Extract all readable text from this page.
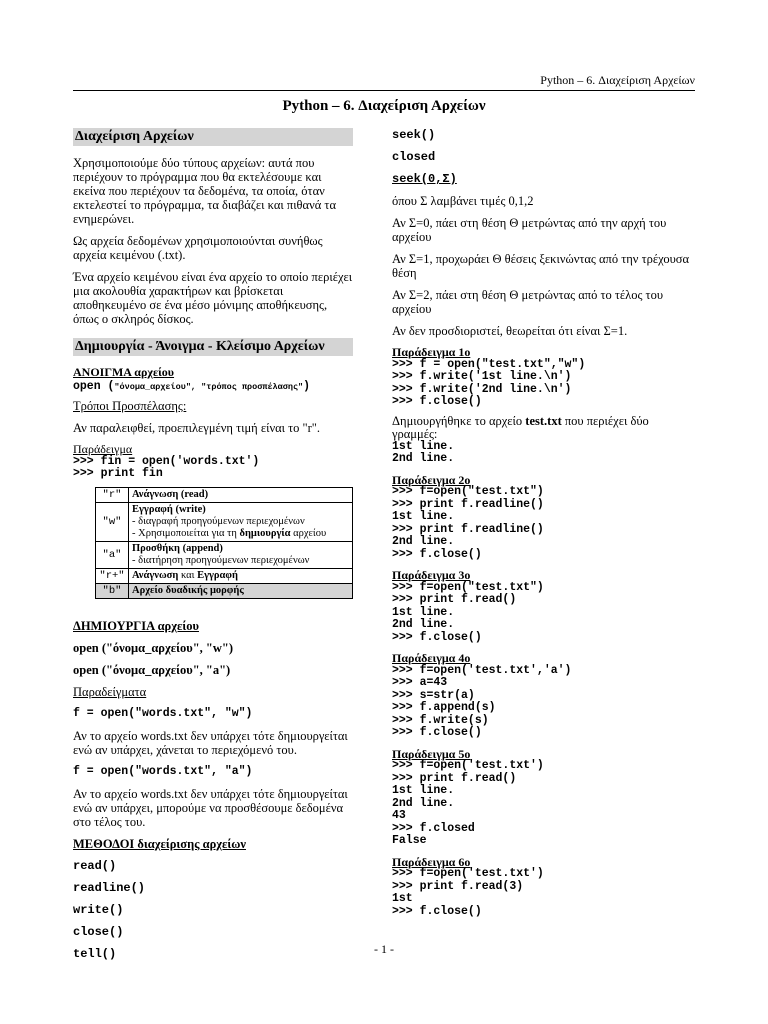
Python – 6. Διαχείριση Αρχείων
Python – 6. Διαχείριση Αρχείων
Διαχείριση Αρχείων

Χρησιμοποιούμε δύο τύπους αρχείων: αυτά που περιέχουν το πρόγραμμα που θα εκτελέσουμε και εκείνα που περιέχουν τα δεδομένα, τα οποία, όταν εκτελεστεί το πρόγραμμα, τα διαβάζει και πιθανά τα ενημερώνει.

Ως αρχεία δεδομένων χρησιμοποιούνται συνήθως αρχεία κειμένου (.txt).

Ένα αρχείο κειμένου είναι ένα αρχείο το οποίο περιέχει μια ακολουθία χαρακτήρων και βρίσκεται αποθηκευμένο σε ένα μέσο μόνιμης αποθήκευσης, όπως ο σκληρός δίσκος.

Δημιουργία - Άνοιγμα - Κλείσιμο Αρχείων
ΑΝΟΙΓΜΑ αρχείου
open ("όνομα_αρχείου", "τρόπος προσπέλασης")

Τρόποι Προσπέλασης:

Αν παραλειφθεί, προεπιλεγμένη τιμή είναι το "r".

Παράδειγμα
>>> fin = open('words.txt')
>>> print fin
"r"	Ανάγνωση (read)
"w"	Εγγραφή (write)
- διαγραφή προηγούμενων περιεχομένων
- Χρησιμοποιείται για τη δημιουργία αρχείου

"a"	Προσθήκη (append)
- διατήρηση προηγούμενων περιεχομένων

"r+"	Ανάγνωση και Εγγραφή
"b"	Αρχείο δυαδικής μορφής

ΔΗΜΙΟΥΡΓΙΑ αρχείου

open ("όνομα_αρχείου", "w")

open ("όνομα_αρχείου", "a")

Παραδείγματα

f = open("words.txt", "w")

Αν το αρχείο words.txt δεν υπάρχει τότε δημιουργείται ενώ αν υπάρχει, χάνεται το περιεχόμενό του.

f = open("words.txt", "a")

Αν το αρχείο words.txt δεν υπάρχει τότε δημιουργείται ενώ αν υπάρχει, μπορούμε να προσθέσουμε δεδομένα στο τέλος του.

ΜΕΘΟΔΟΙ διαχείρισης αρχείων

read()
readline()
write()
close()
tell()
seek()
closed
seek(0,Σ)

όπου Σ λαμβάνει τιμές 0,1,2

Αν Σ=0, πάει στη θέση Θ μετρώντας από την αρχή του αρχείου

Αν Σ=1, προχωράει Θ θέσεις ξεκινώντας από την τρέχουσα θέση

Αν Σ=2, πάει στη θέση Θ μετρώντας από το τέλος του αρχείου

Αν δεν προσδιοριστεί, θεωρείται ότι είναι Σ=1.

Παράδειγμα 1ο
>>> f = open("test.txt","w")
>>> f.write('1st line.\n')
>>> f.write('2nd line.\n')
>>> f.close()
Δημιουργήθηκε το αρχείο test.txt που περιέχει δύο γραμμές:
1st line.
2nd line.
Παράδειγμα 2ο
>>> f=open("test.txt")
>>> print f.readline()
1st line.
>>> print f.readline()
2nd line.
>>> f.close()
Παράδειγμα 3ο
>>> f=open("test.txt")
>>> print f.read()
1st line.
2nd line.
>>> f.close()
Παράδειγμα 4ο
>>> f=open('test.txt','a')
>>> a=43
>>> s=str(a)
>>> f.append(s)
>>> f.write(s)
>>> f.close()
Παράδειγμα 5ο
>>> f=open('test.txt')
>>> print f.read()
1st line.
2nd line.
43
>>> f.closed
False
Παράδειγμα 6ο
>>> f=open('test.txt')
>>> print f.read(3)
1st
>>> f.close()
- 1 -
